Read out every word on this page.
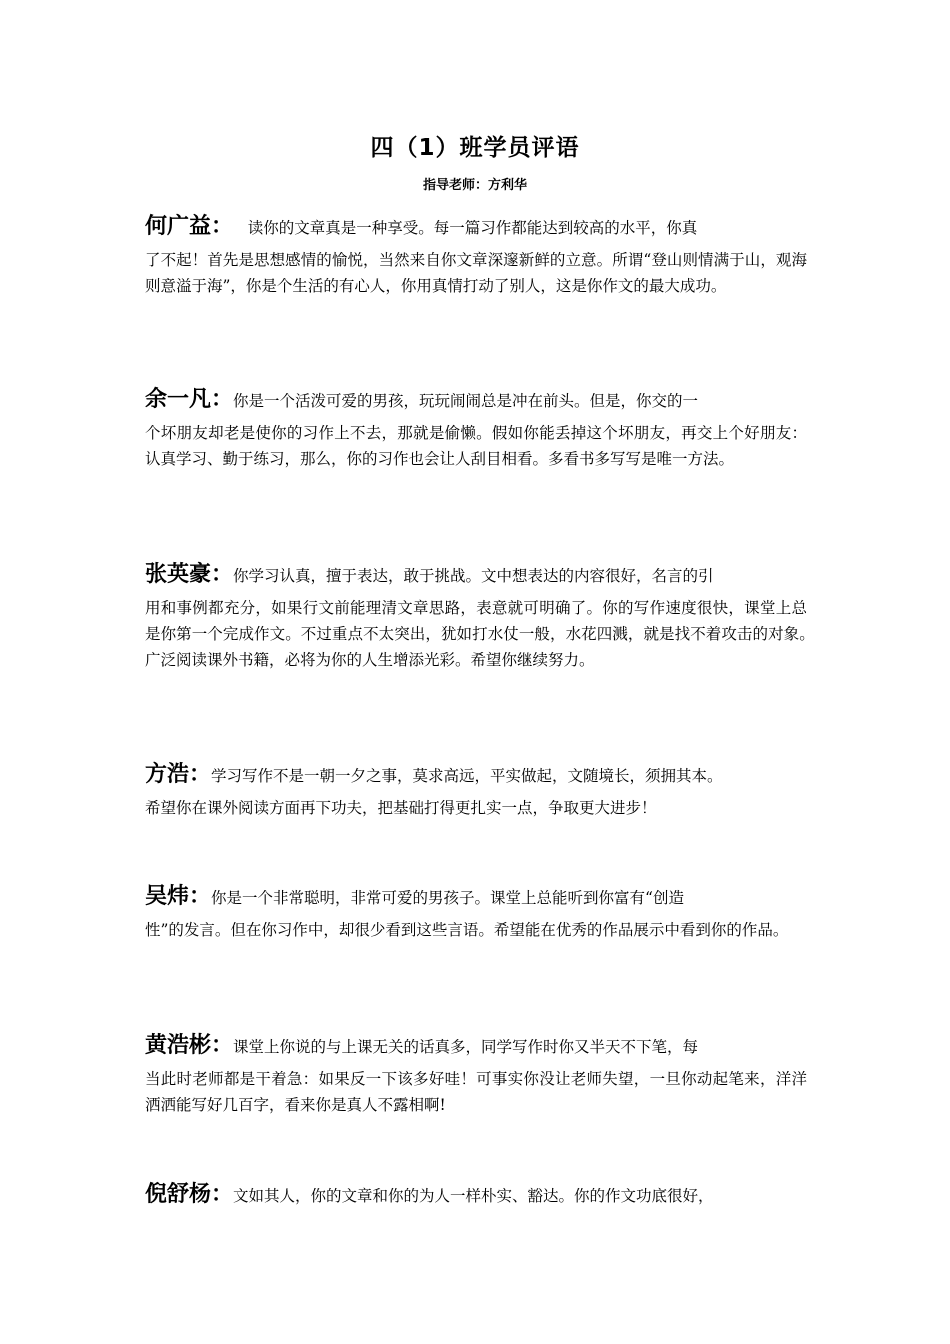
四（1）班学员评语
指导老师：方利华
何广益： 读你的文章真是一种享受。每一篇习作都能达到较高的水平，你真
了不起！首先是思想感情的愉悦，当然来自你文章深邃新鲜的立意。所谓“登山则情满于山，观海则意溢于海”，你是个生活的有心人，你用真情打动了别人，这是你作文的最大成功。
余一凡：你是一个活泼可爱的男孩，玩玩闹闹总是冲在前头。但是，你交的一
个坏朋友却老是使你的习作上不去，那就是偷懒。假如你能丢掉这个坏朋友，再交上个好朋友：认真学习、勤于练习，那么，你的习作也会让人刮目相看。多看书多写写是唯一方法。
张英豪：你学习认真，擅于表达，敢于挑战。文中想表达的内容很好，名言的引
用和事例都充分，如果行文前能理清文章思路，表意就可明确了。你的写作速度很快，课堂上总是你第一个完成作文。不过重点不太突出，犹如打水仗一般，水花四溅，就是找不着攻击的对象。　　广泛阅读课外书籍，必将为你的人生增添光彩。希望你继续努力。
方浩：学习写作不是一朝一夕之事，莫求高远，平实做起，文随境长，须拥其本。
希望你在课外阅读方面再下功夫，把基础打得更扎实一点，争取更大进步！
吴炜：你是一个非常聪明，非常可爱的男孩子。课堂上总能听到你富有“创造
性”的发言。但在你习作中，却很少看到这些言语。希望能在优秀的作品展示中看到你的作品。
黄浩彬：课堂上你说的与上课无关的话真多，同学写作时你又半天不下笔，每
当此时老师都是干着急：如果反一下该多好哇！可事实你没让老师失望，一旦你动起笔来，洋洋洒洒能写好几百字，看来你是真人不露相啊!
倪舒杨：文如其人，你的文章和你的为人一样朴实、豁达。你的作文功底很好，
